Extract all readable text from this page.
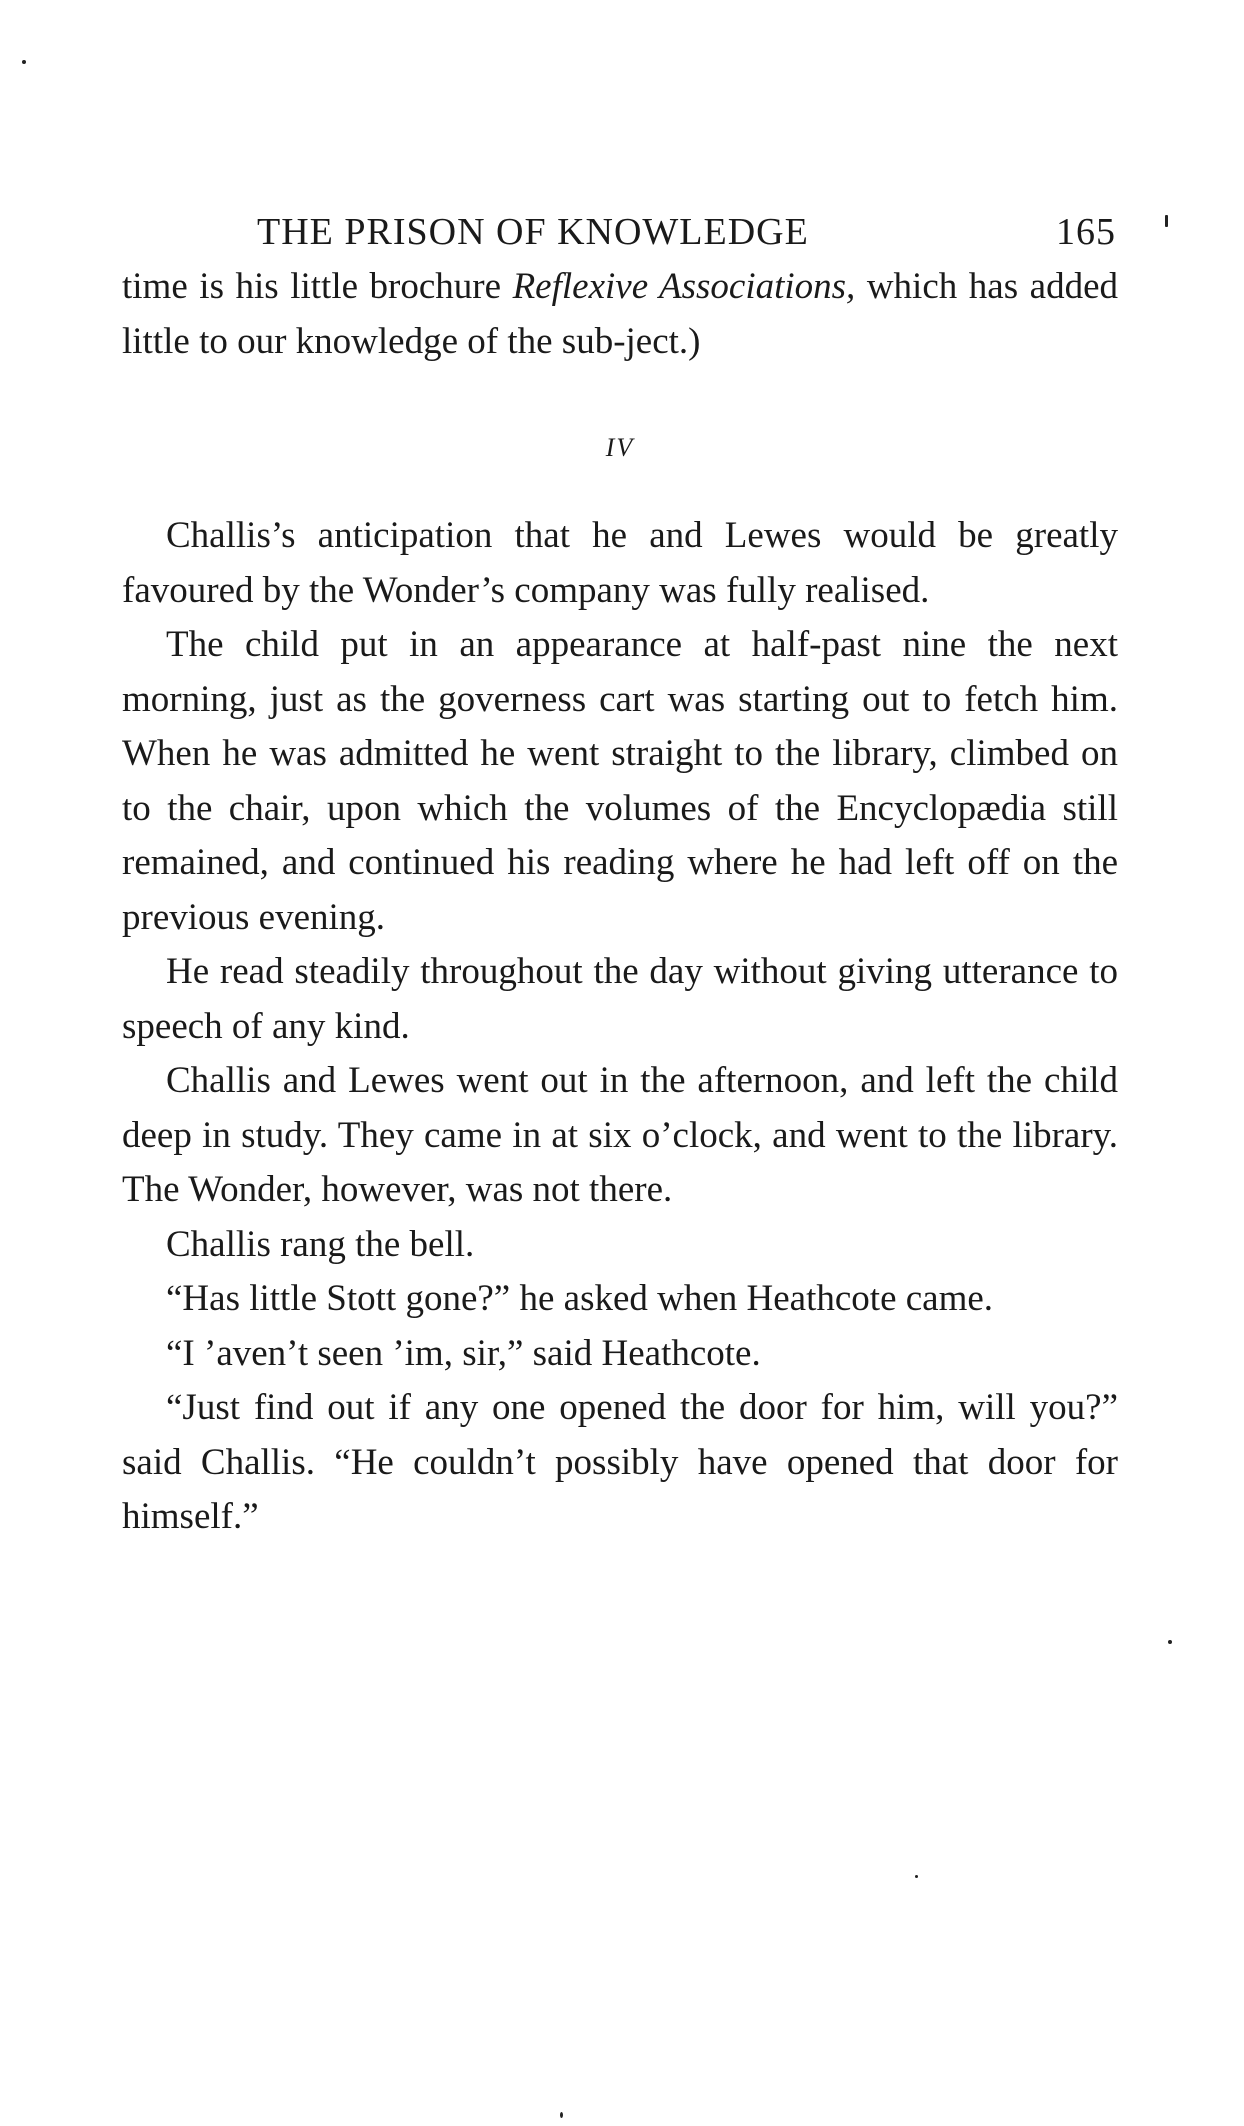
THE PRISON OF KNOWLEDGE	165

time is his little brochure Reflexive Associations, which has added little to our knowledge of the sub-ject.)

IV

Challis’s anticipation that he and Lewes would be greatly favoured by the Wonder’s company was fully realised.

The child put in an appearance at half-past nine the next morning, just as the governess cart was starting out to fetch him. When he was admitted he went straight to the library, climbed on to the chair, upon which the volumes of the Encyclopædia still remained, and continued his reading where he had left off on the previous evening.

He read steadily throughout the day without giving utterance to speech of any kind.

Challis and Lewes went out in the afternoon, and left the child deep in study. They came in at six o’clock, and went to the library. The Wonder, however, was not there.

Challis rang the bell.

“Has little Stott gone?” he asked when Heathcote came.

“I ’aven’t seen ’im, sir,” said Heathcote.

“Just find out if any one opened the door for him, will you?” said Challis. “He couldn’t possibly have opened that door for himself.”
